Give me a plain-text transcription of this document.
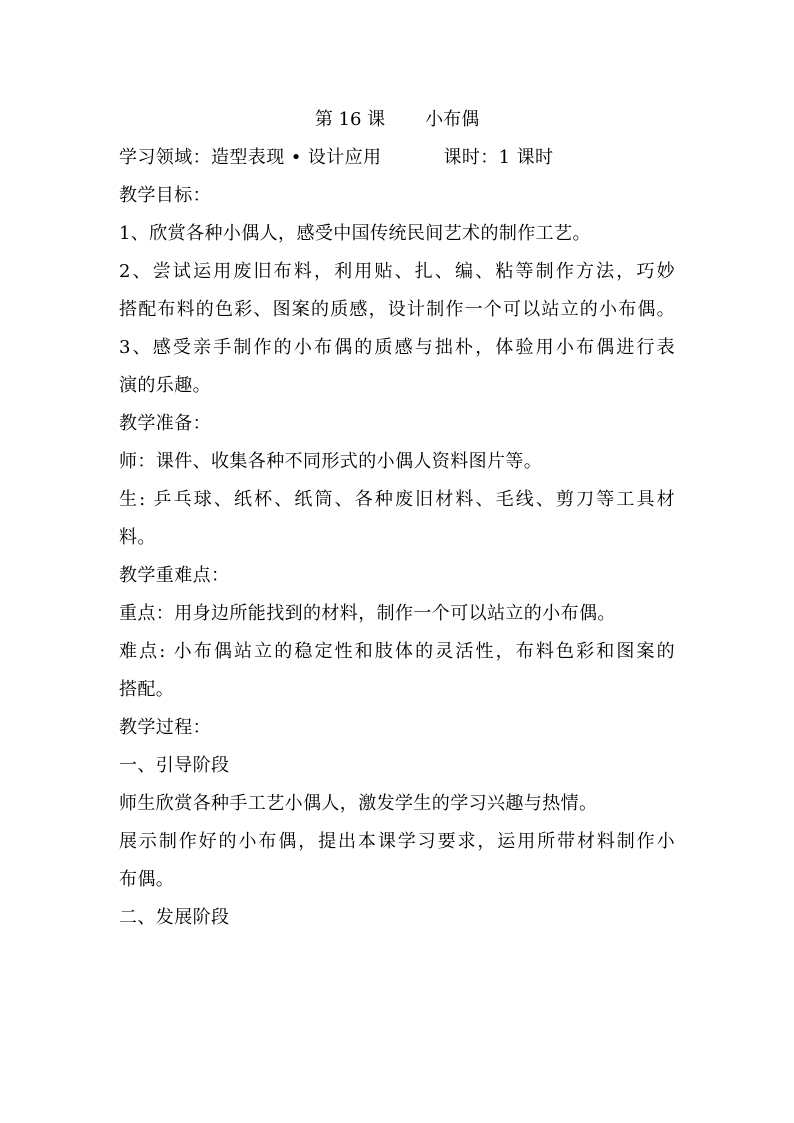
第 16 课 小布偶
学习领域：造型表现 • 设计应用	课时：1 课时
教学目标：
1、欣赏各种小偶人，感受中国传统民间艺术的制作工艺。
2、尝试运用废旧布料，利用贴、扎、编、粘等制作方法，巧妙
搭配布料的色彩、图案的质感，设计制作一个可以站立的小布偶。
3、感受亲手制作的小布偶的质感与拙朴，体验用小布偶进行表
演的乐趣。
教学准备：
师：课件、收集各种不同形式的小偶人资料图片等。
生: 乒乓球、纸杯、纸筒、各种废旧材料、毛线、剪刀等工具材
料。
教学重难点：
重点：用身边所能找到的材料，制作一个可以站立的小布偶。
难点: 小布偶站立的稳定性和肢体的灵活性，布料色彩和图案的
搭配。
教学过程：
一、引导阶段
师生欣赏各种手工艺小偶人，激发学生的学习兴趣与热情。
展示制作好的小布偶，提出本课学习要求，运用所带材料制作小
布偶。
二、发展阶段
